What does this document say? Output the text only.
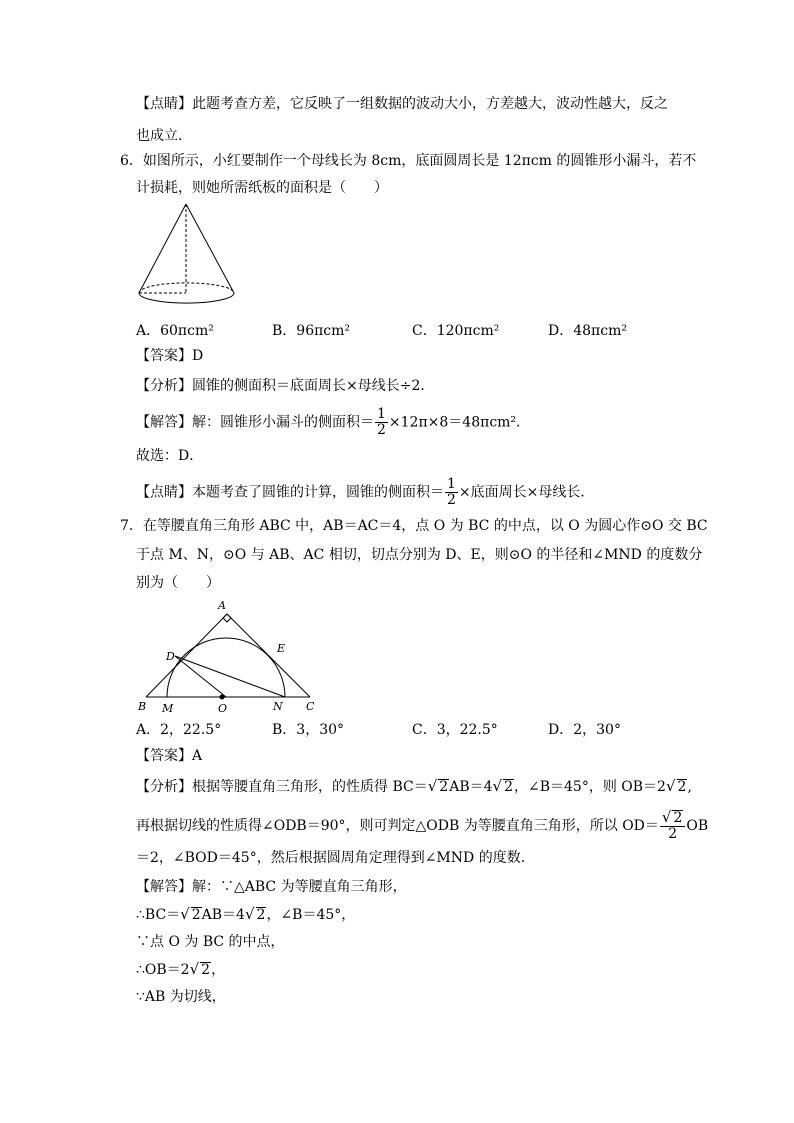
【点睛】此题考查方差，它反映了一组数据的波动大小，方差越大，波动性越大，反之
也成立．
6．如图所示，小红要制作一个母线长为 8cm，底面圆周长是 12πcm 的圆锥形小漏斗，若不
计损耗，则她所需纸板的面积是（　　）
A．60πcm²	B．96πcm²	C．120πcm²	D．48πcm²
【答案】D
【分析】圆锥的侧面积＝底面周长×母线长÷2．
【解答】解：圆锥形小漏斗的侧面积＝ $\frac{1}{2} \times 12\pi\times 8=48\pi cm^2$．
故选：D．
【点睛】本题考查了圆锥的计算，圆锥的侧面积＝ $\frac{1}{2}$ ×底面周长×母线长．
7．在等腰直角三角形 ABC 中，AB＝AC＝4，点 O 为 BC 的中点，以 O 为圆心作⊙O 交 BC
于点 M、N，⊙O 与 AB、AC 相切，切点分别为 D、E，则⊙O 的半径和∠MND 的度数分
别为（　　）
A
B	C
D
E
M	N
O
A．2，22.5°	B．3，30°	C．3，22.5°	D．2，30°
【答案】A
【分析】根据等腰直角三角形，的性质得 BC＝√ 2AB＝4√ 2，∠B＝45°，则 OB＝2√ 2,
再根据切线的性质得∠ODB＝90°，则可判定△ODB 为等腰直角三角形，所以 $OD= \frac{√ 2}{2}$ OB
＝2，∠BOD＝45°，然后根据圆周角定理得到∠MND 的度数．
【解答】解：∵△ABC 为等腰直角三角形，
∴BC＝√ 2AB＝4√ 2，∠B＝45°，
∵点 O 为 BC 的中点，
∴OB＝2√ 2，
∵AB 为切线，
